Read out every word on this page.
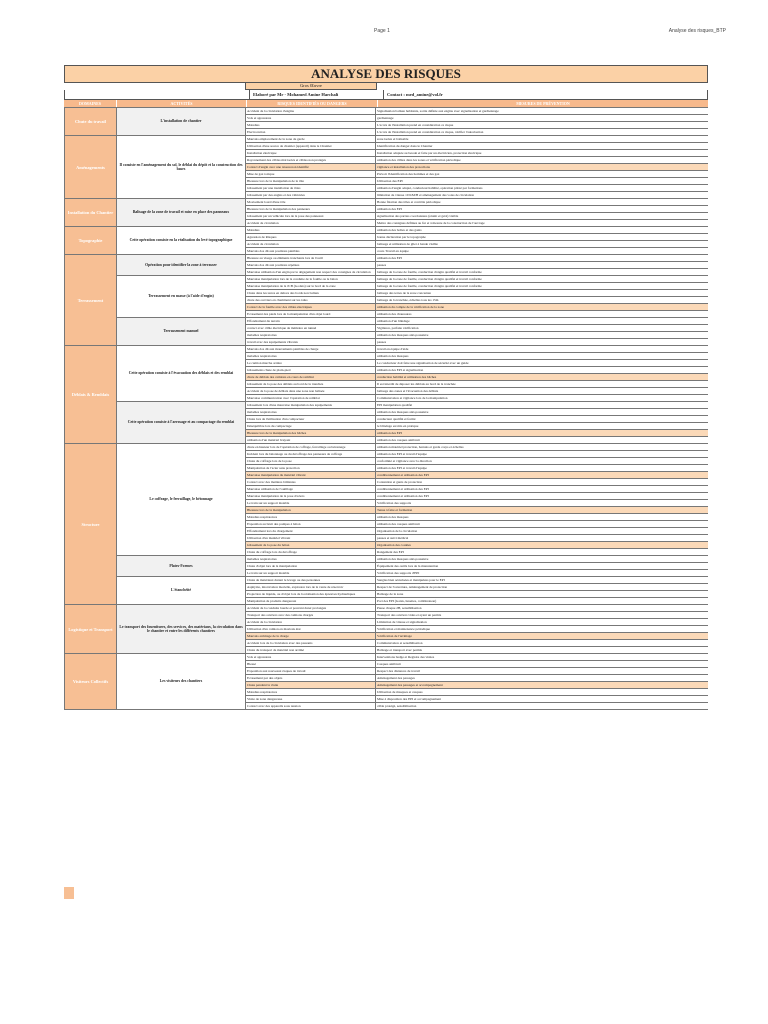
Page 1	Analyse des risques_BTP
ANALYSE DES RISQUES
Gros Œuvre
Elaboré par Mr - Mohamed Amine Harchali	Contact : med_amine@vol.fr
DOMAINES	ACTIVITÉS	RISQUES IDENTIFIÉS OU DANGERS	MESURES DE PRÉVENTION
Chute du travail	L'installation de chantier	Accident de la circulation d'engins	Signalisation balisée habitants, sortie définie aux engins avec signalisation et gardiennage
		Vols et agressions	gardiennage
		Maladies	L'accès de l'installation prend en considération ce risque
		Electrocution	L'accès de l'installation prend en considération ce risque, vérifier l'autorisation
Aménagements	Il consiste en l'aménagement du sol, le déblai du dépôt et la construction des bases	Mauvais emplacement de la zone de garde	zone isolée et balisable
		Utilisation d'une source de chantier (appareil) dans le Chantier	Identification du danger dans le Chantier
		Installation électrique	Installation adaptée au besoin et faite par un électricien, protection électrique
		Rayonnement des câbles mal isolés et câbles non protégés	utilisation des câbles dans les zones et vérification périodique
		Contact d'engin avec une réseau non identifié	vigilance et installation des protections
		Mise de gaz toxique	Prévoir l'identification des hommes et des gaz
		Blessure lors de la manipulation de la tôle	Utilisation des EPI
		Glissement par une installation de tôles	utilisation d'engin adapté, conducteur habilité, opération piloté par formations
		Glissement par des engins et des véhicules	limitation de vitesse 10 KM/H et aménagement des voies de circulation
Installation du Chantier	Balisage de la zone de travail et mise en place des panneaux	Mouvement lourd d'une tôle	Bonne fixation des tôles et contrôle périodique
		Blessure lors de la manipulation des panneaux	utilisation des EPI
		Glissement par un véhicule lors de la pose des panneaux	signalisation des parties coordonnées (réunit et géré) visible
		Accident de circulation	Mettre des consignes définies au fur et à mesure de la construction de l'ouvrage
Topographie	Cette opération consiste en la réalisation du levé topographique	Maladies	utilisation des boîtes et des gants
		Agression de Risques	bonne déclaration par le topographe
		Accident de circulation	balisage et utilisation de gilet à bande visible
		Mauvais dos dû aux positions pénibles	cours Travail en équipe
Terrassement	Opération pour identifier la zone à terrasser	Blessure au visage ou éléments tranchants lors de l'outil	utilisation des EPI
		Mauvais dos dû aux positions répétées	pauses
		Mauvaise utilisation d'un engin par le dégagement non respect des consignes de circulation	balisage de la zone de fouille, conduction d'engin qualifié et travail conforme
	Terrassement en masse (à l'aide d'engin)	Mauvaise manipulation lors de la conduite de la fouille ou le béton	balisage de la zone de fouille, conduction d'engin qualifié et travail conforme
		Mauvaise manipulation de la JCB (Godets) sur le bord de la zone	balisage de la zone de fouille, conduction d'engin qualifié et travail conforme
		Chute dans les terres en dehors des bords non balisés	balisage des terres de la zone concernée
		chute des ouvriers en cheminant sur les talus	balisage de la tranchée, échelles tous les 15m
		Contact de la fouille avec des câbles électriques	utilisation du compte de la vérification de la zone
		Ecrasement des pieds lors de la manipulation d'un objet lourd	utilisation des chaussures
	Terrassement manuel	Effondrement du terrain	utilisation d'un blindage
		contact avec câble électrique de mémoire en tunnel	Vigilance, parfaite vérification
		maladies respiratoires	utilisation des masques anti-poussière
		travail avec des équipements vibrants	pauses
Déblais & Remblais	Cette opération consiste à l'évacuation des déblais et des remblai	Mauvais dos dû aux mouvements pénibles de charge	travail en équipe d'aide
		maladies respiratoires	utilisation des masques
		Le camion marche arrière	Le conducteur doit faire une signalisation de sécurité avec un guide
		Glissements chute de plain-pied	utilisation des EPI et signalisation
		chute de déblais des camions en cours de remblai	conduction habilité et utilisation des bâches
		Glissement de la pose des déblais au bord de la tranchée	Il est interdit de déposer les déblais au bord de la tranchée
		Accident de la pose de déblais dans une zone non balisée	balisage des zones et l'évacuation des déblais
		Mauvaise communication avec l'opération de remblai	Communication et vigilance lors de la manipulation
	Cette opération consiste à l'arrosage et au compactage du remblai	Glissement lors d'une mauvaise manipulation des équipements	EPI manipulation qualifié
		maladies respiratoires	utilisation des masques anti-poussière
		Chute lors de l'utilisation d'un compacteur	conducteur qualifié et formé
		Déséquilibre lors du compactage	le blindage est mis en pratique
		Blessure lors de la manipulation des bâches	utilisation des EPI
		utilisation d'un matériel bruyant	utilisation des casques antibruit
Structure	Le coffrage, le ferraillage, le bétonnage	chute en hauteur lors de l'opération de coffrage, ferraillage ou bétonnage	utilisation matériel protection, harnais et garde corps et échelles
		Incident lors du bétonnage ou du décoffrage des panneaux de coffrage	utilisation des EPI et travail d'équipe
		Chute du coffrage lors de la pose	conformité et vigilance avec la direction
		Manipulation de l'acier sans protection	utilisation des EPI et travail d'équipe
		Mauvaise manipulation du matériel vibrant	conditionnement et utilisation des EPI
		Contact avec des matières brûlantes	Contention et gants de protection
		Mauvaise utilisation de l'outillage	conditionnement et utilisation des EPI
		Mauvaise manipulation de la pose d'aciers	conditionnement et utilisation des EPI
		Le train sur un support instable	Vérification des supports
		Blessure lors de la manipulation	Tenue à faire et formation
		Maladies respiratoires	utilisation des masques
		Exposition au bruit des pompes à béton	utilisation des casques antibruit
		Effondrement lors du chargement	Organisation de la circulation
		Utilisation d'un matériel vibrant	pauses et suivi médical
		Glissement de la pose du béton	Organisation des coulées
		Chute du coffrage lors du décoffrage	Rangement des EPI
	Plates-Formes	maladies respiratoires	utilisation des masques anti-poussière
		Chute d'objet lors de la manipulation	Équipement des outils lors de la manutention
		Le train sur un support instable	Vérification des supports d'EPI
	L'étanchéité	Chute de matériaux durant le levage ou des personnes	Sangles bien sécurisées et manipulées pour le EPI
		Asphyxie, intoxication mortelle, explosion lors de la vente de réservoir	Respect de l'ouverture, Aménagement de protection
		Projection de liquide, ou d'objet lors de la réalisation des épreuves hydrauliques	Balisage de la zone
		Manipulation de produits dangereux	Port des EPI (Gants, lunettes, combinaison)
Logistique et Transport	Le transport des fournitures, des services, des matériaux, la circulation dans le chantier et entre les différents chantiers	Accident de la conduite lourde et pouvant durer prolongée	Pause chaque 2H, sensibilisation
		Transport des ouvriers avec des camions chargés	Transport des ouvriers vides et ayant un permis
		Accident de la circulation	Limitation de vitesse et signalisation
		Utilisation d'un camion en mauvais état	Vérification et maintenance périodique
		Mauvais arrimage de la charge	Vérification de l'arrimage
		Accident lors de la circulation avec des passants	Communication et sensibilisation
		Chute du transport de matériel non arrimé	Balisage et transport avec permis
Visiteurs Collectifs	Les visiteurs des chantiers	Vols et agressions	Interventions badge et Registre des visites
		Blessé	Casques antibruit
		Exposition aux nouveaux risques de travail	Respect des distances de travail
		Ecrasement par des objets	Aménagement des passages
		Chute pendant la visite	Aménagement des passages et accompagnement
		Maladies respiratoires	Utilisation de masques et casques
		Visite de zone dangereuse	Mise à disposition des EPI et accompagnement
		Contact avec des appareils sous tension	câble protégé, sensibilisation
